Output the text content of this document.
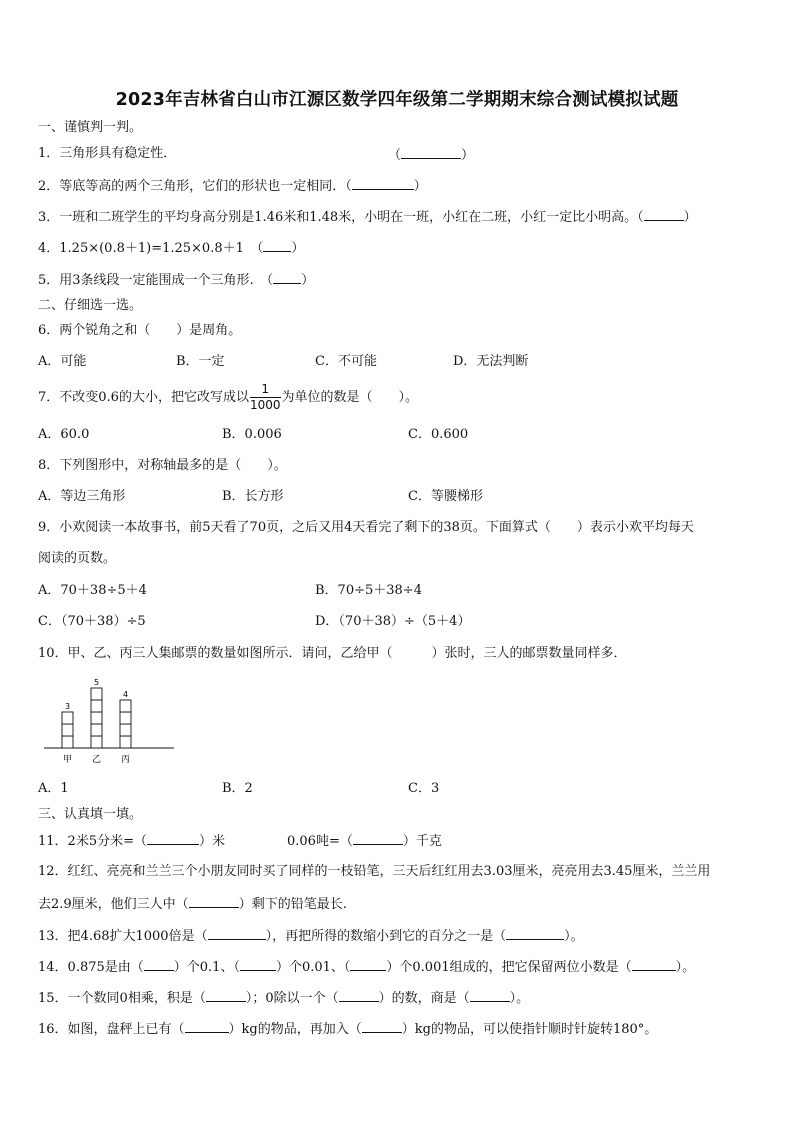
2023年吉林省白山市江源区数学四年级第二学期期末综合测试模拟试题
一、谨慎判一判。
1．三角形具有稳定性．	（	）
2．等底等高的两个三角形，它们的形状也一定相同．（	）
3．一班和二班学生的平均身高分别是1.46米和1.48米，小明在一班，小红在二班，小红一定比小明高。（	）
4．1.25×(0.8＋1)=1.25×0.8＋1　（ ）
5．用3条线段一定能围成一个三角形.　（ ）
二、仔细选一选。
6．两个锐角之和（　　）是周角。
A．可能	B．一定	C．不可能	D．无法判断
7．不改变0.6的大小，把它改写成以 $\frac{1}{1000}$ 为单位的数是（　　）。
A．60.0	B．0.006	C．0.600
8．下列图形中，对称轴最多的是（　　）。
A．等边三角形	B．长方形	C．等腰梯形
9．小欢阅读一本故事书，前5天看了70页，之后又用4天看完了剩下的38页。下面算式（　　）表示小欢平均每天
阅读的页数。
A．70＋38÷5＋4	B．70÷5＋38÷4
C．（70＋38）÷5	D．（70＋38）÷（5＋4）
10．甲、乙、丙三人集邮票的数量如图所示．请问，乙给甲（　　　）张时，三人的邮票数量同样多．
3
甲
5
乙
4
丙
A．1	B．2	C．3
三、认真填一填。
11．2米5分米=（	）米	0.06吨=（	）千克
12．红红、亮亮和兰兰三个小朋友同时买了同样的一枝铅笔，三天后红红用去3.03厘米，亮亮用去3.45厘米，兰兰用
去2.9厘米，他们三人中（	）剩下的铅笔最长.
13．把4.68扩大1000倍是（	），再把所得的数缩小到它的百分之一是（	）。
14．0.875是由（ ）个0.1、（	）个0.01、（	）个0.001组成的，把它保留两位小数是（	）。
15．一个数同0相乘，积是（	）；0除以一个（	）的数，商是（	）。
16．如图，盘秤上已有（	）kg的物品，再加入（	）kg的物品，可以使指针顺时针旋转180°。
